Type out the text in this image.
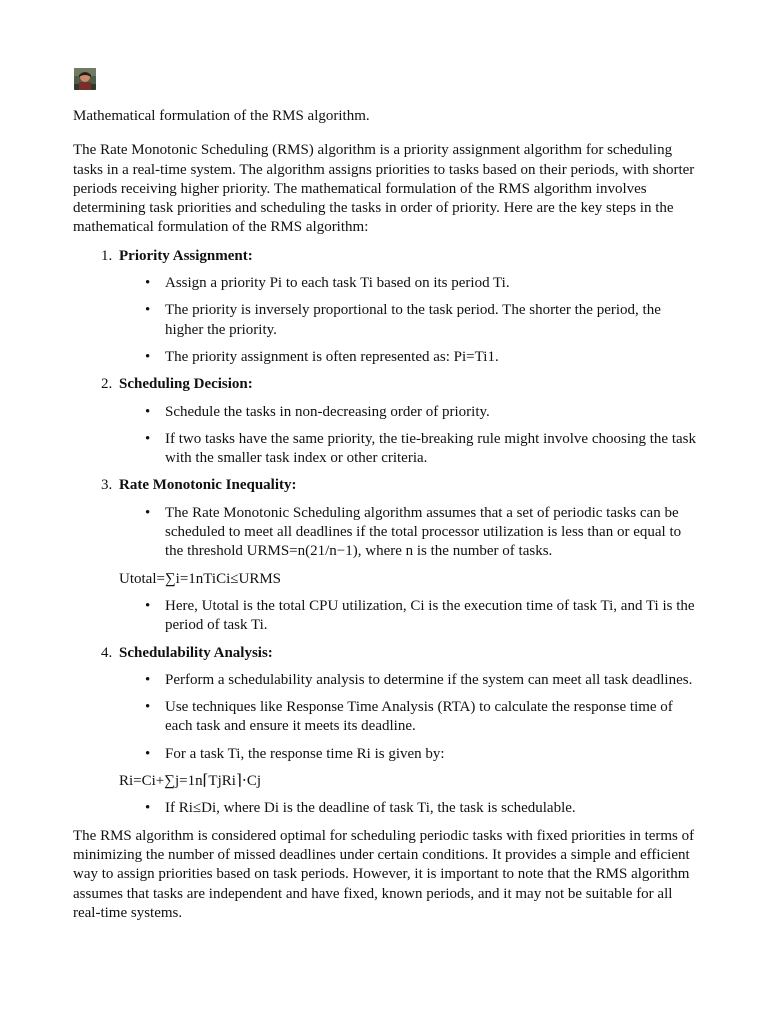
Mathematical formulation of the RMS algorithm.

The Rate Monotonic Scheduling (RMS) algorithm is a priority assignment algorithm for scheduling tasks in a real-time system. The algorithm assigns priorities to tasks based on their periods, with shorter periods receiving higher priority. The mathematical formulation of the RMS algorithm involves determining task priorities and scheduling the tasks in order of priority. Here are the key steps in the mathematical formulation of the RMS algorithm:

1. Priority Assignment:
• Assign a priority Pi to each task Ti based on its period Ti.
• The priority is inversely proportional to the task period. The shorter the period, the higher the priority.
• The priority assignment is often represented as: Pi=Ti1.
2. Scheduling Decision:
• Schedule the tasks in non-decreasing order of priority.
• If two tasks have the same priority, the tie-breaking rule might involve choosing the task with the smaller task index or other criteria.
3. Rate Monotonic Inequality:
• The Rate Monotonic Scheduling algorithm assumes that a set of periodic tasks can be scheduled to meet all deadlines if the total processor utilization is less than or equal to the threshold URMS=n(21/n−1), where n is the number of tasks.

Utotal=∑i=1nTiCi≤URMS

• Here, Utotal is the total CPU utilization, Ci is the execution time of task Ti, and Ti is the period of task Ti.
4. Schedulability Analysis:
• Perform a schedulability analysis to determine if the system can meet all task deadlines.
• Use techniques like Response Time Analysis (RTA) to calculate the response time of each task and ensure it meets its deadline.
• For a task Ti, the response time Ri is given by:

Ri=Ci+∑j=1n⌈TjRi⌉⋅Cj

• If Ri≤Di, where Di is the deadline of task Ti, the task is schedulable.

The RMS algorithm is considered optimal for scheduling periodic tasks with fixed priorities in terms of minimizing the number of missed deadlines under certain conditions. It provides a simple and efficient way to assign priorities based on task periods. However, it is important to note that the RMS algorithm assumes that tasks are independent and have fixed, known periods, and it may not be suitable for all real-time systems.
